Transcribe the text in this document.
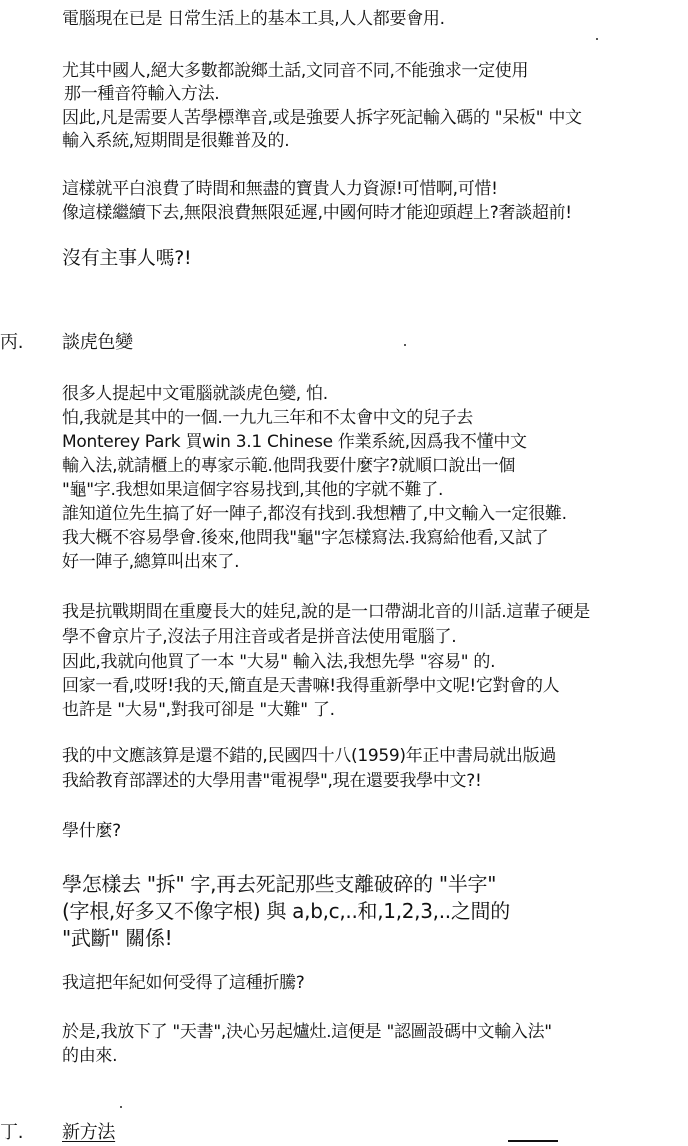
電腦現在已是 日常生活上的基本工具,人人都要會用.
尤其中國人,絕大多數都說鄉土話,文同音不同,不能強求一定使用
那一種音符輸入方法.
因此,凡是需要人苦學標準音,或是強要人拆字死記輸入碼的 "呆板" 中文
輸入系統,短期間是很難普及的.
這樣就平白浪費了時間和無盡的寶貴人力資源!可惜啊,可惜!
像這樣繼續下去,無限浪費無限延遲,中國何時才能迎頭趕上?奢談超前!
沒有主事人嗎?!
丙. 談虎色變
很多人提起中文電腦就談虎色變, 怕.
怕,我就是其中的一個.一九九三年和不太會中文的兒子去
Monterey Park 買win 3.1 Chinese 作業系統,因爲我不懂中文
輸入法,就請櫃上的專家示範.他問我要什麼字?就順口說出一個
"龜"字.我想如果這個字容易找到,其他的字就不難了.
誰知道位先生搞了好一陣子,都沒有找到.我想糟了,中文輸入一定很難.
我大概不容易學會.後來,他問我"龜"字怎樣寫法.我寫給他看,又試了
好一陣子,總算叫出來了.
我是抗戰期間在重慶長大的娃兒,說的是一口帶湖北音的川話.這輩子硬是
學不會京片子,沒法子用注音或者是拼音法使用電腦了.
因此,我就向他買了一本 "大易" 輸入法,我想先學 "容易" 的.
回家一看,哎呀!我的天,簡直是天書嘛!我得重新學中文呢!它對會的人
也許是 "大易",對我可卻是 "大難" 了.
我的中文應該算是還不錯的,民國四十八(1959)年正中書局就出版過
我給教育部譯述的大學用書"電視學",現在還要我學中文?!
學什麼?
學怎樣去 "拆" 字,再去死記那些支離破碎的 "半字"
(字根,好多又不像字根) 與 a,b,c,..和,1,2,3,..之間的
"武斷" 關係!
我這把年紀如何受得了這種折騰?
於是,我放下了 "天書",決心另起爐灶.這便是 "認圖設碼中文輸入法"
的由來.
丁. 新方法
